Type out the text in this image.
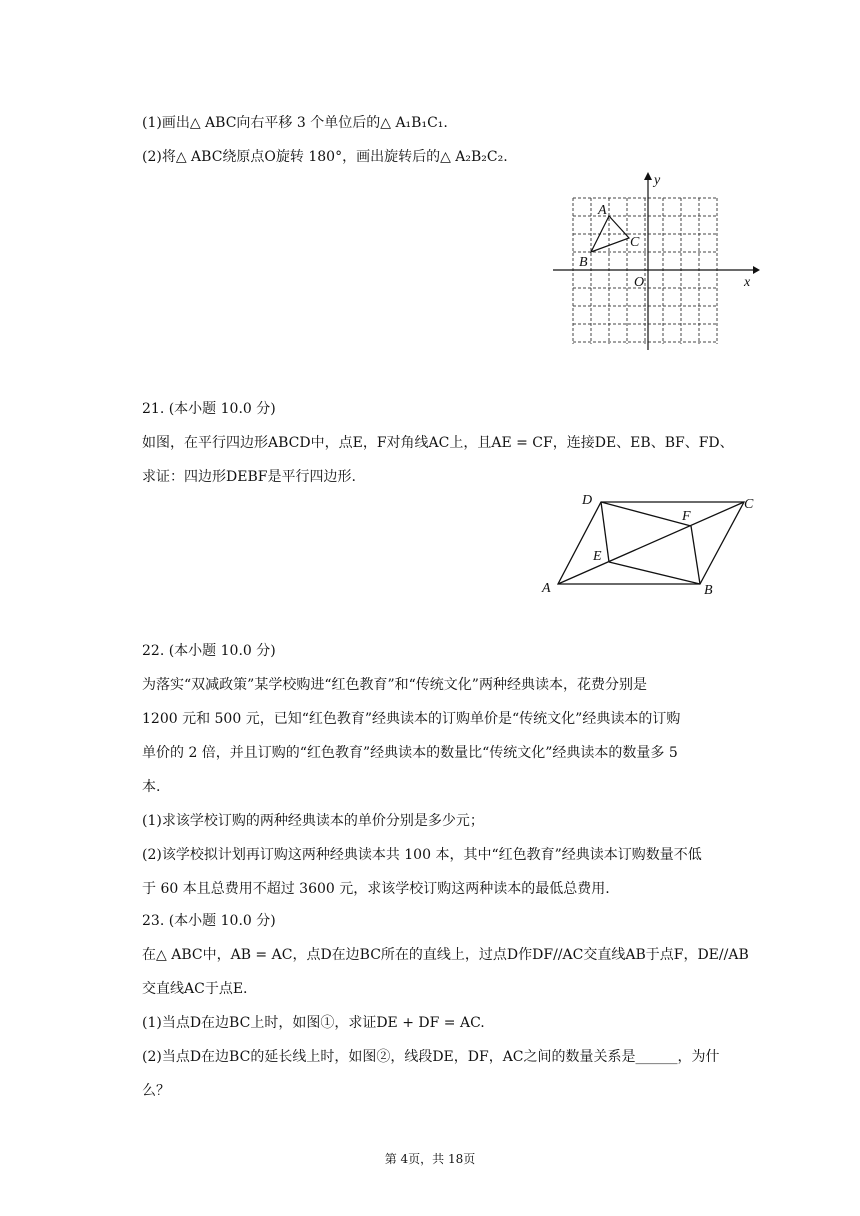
(1)画出△ ABC向右平移 3 个单位后的△ A₁B₁C₁.
(2)将△ ABC绕原点O旋转 180°，画出旋转后的△ A₂B₂C₂.
A
C
B
O	x
y
21. (本小题 10.0 分)
如图，在平行四边形ABCD中，点E，F对角线AC上，且AE = CF，连接DE、EB、BF、FD、
求证：四边形DEBF是平行四边形.
D	C
F
E
A	B
22. (本小题 10.0 分)
为落实“双减政策”某学校购进“红色教育”和“传统文化”两种经典读本，花费分别是
1200 元和 500 元，已知“红色教育”经典读本的订购单价是“传统文化”经典读本的订购
单价的 2 倍，并且订购的“红色教育”经典读本的数量比“传统文化”经典读本的数量多 5
本.
(1)求该学校订购的两种经典读本的单价分别是多少元；
(2)该学校拟计划再订购这两种经典读本共 100 本，其中“红色教育”经典读本订购数量不低
于 60 本且总费用不超过 3600 元，求该学校订购这两种读本的最低总费用.
23. (本小题 10.0 分)
在△ ABC中，AB = AC，点D在边BC所在的直线上，过点D作DF//AC交直线AB于点F，DE//AB
交直线AC于点E.
(1)当点D在边BC上时，如图①，求证DE + DF = AC.
(2)当点D在边BC的延长线上时，如图②，线段DE，DF，AC之间的数量关系是______，为什
么？
第 4页，共 18页
